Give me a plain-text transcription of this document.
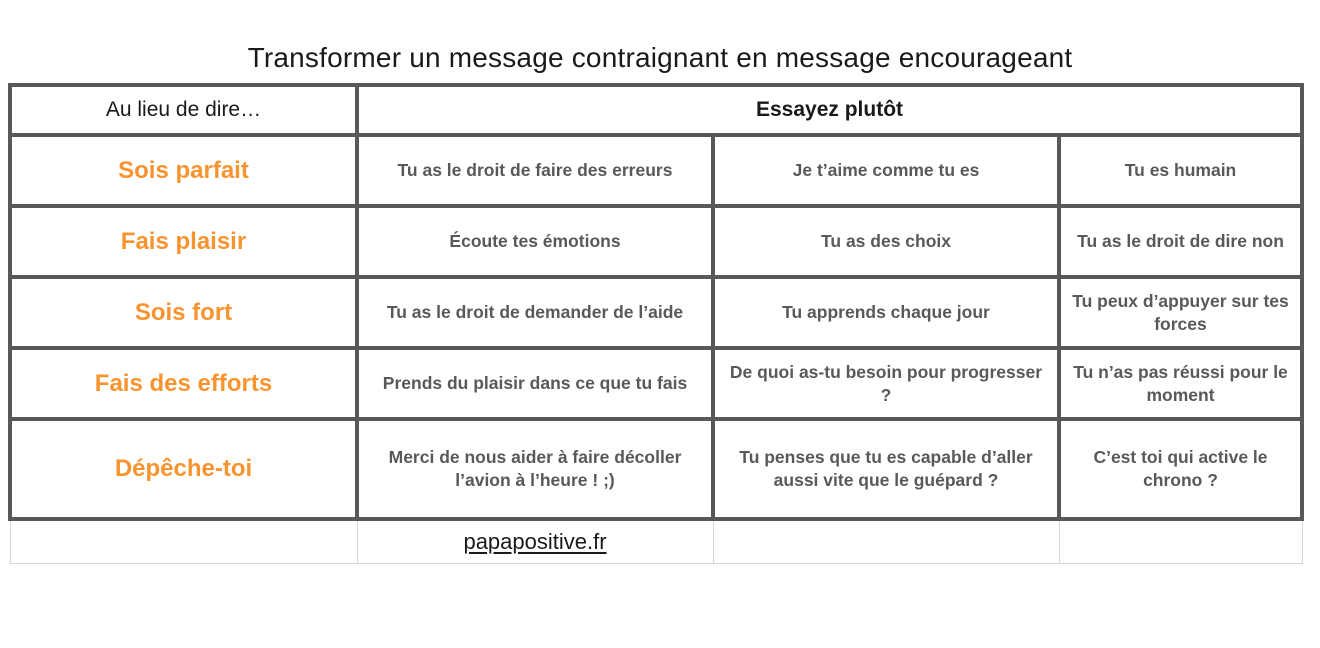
Transformer un message contraignant en message encourageant
Au lieu de dire…	Essayez plutôt		
Sois parfait	Tu as le droit de faire des erreurs	Je t’aime comme tu es	Tu es humain
Fais plaisir	Écoute tes émotions	Tu as des choix	Tu as le droit de dire non
Sois fort	Tu as le droit de demander de l’aide	Tu apprends chaque jour	Tu peux d’appuyer sur tes forces
Fais des efforts	Prends du plaisir dans ce que tu fais	De quoi as-tu besoin pour progresser ?	Tu n’as pas réussi pour le moment
Dépêche-toi	Merci de nous aider à faire décoller l’avion à l’heure ! ;)	Tu penses que tu es capable d’aller aussi vite que le guépard ?	C’est toi qui active le chrono ?
	papapositive.fr		
